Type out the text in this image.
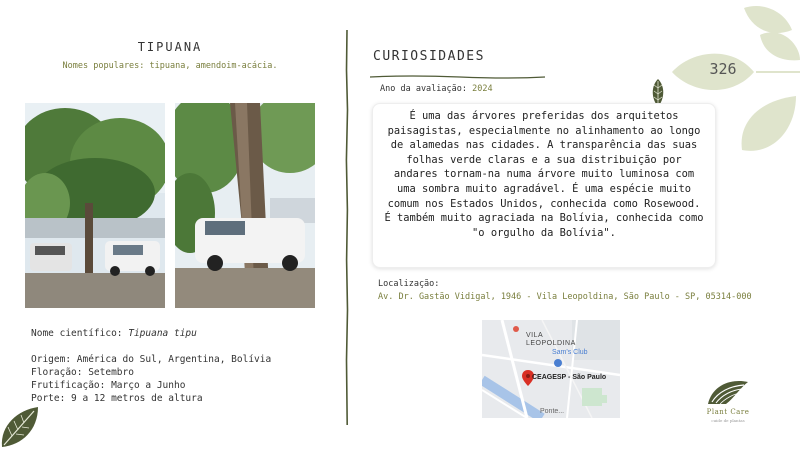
TIPUANA
Nomes populares: tipuana, amendoim-acácia.
Nome científico: Tipuana tipu
Origem: América do Sul, Argentina, Bolívia
Floração: Setembro
Frutificação: Março a Junho
Porte: 9 a 12 metros de altura
CURIOSIDADES
Ano da avaliação: 2024

É uma das árvores preferidas dos arquitetos paisagistas, especialmente no alinhamento ao longo de alamedas nas cidades. A transparência das suas folhas verde claras e a sua distribuição por andares tornam-na numa árvore muito luminosa com uma sombra muito agradável. É uma espécie muito comum nos Estados Unidos, conhecida como Rosewood. É também muito agraciada na Bolívia, conhecida como "o orgulho da Bolívia".

Localização:
Av. Dr. Gastão Vidigal, 1946 - Vila Leopoldina, São Paulo - SP, 05314-000
VILA
LEOPOLDINA
Sam's Club
CEAGESP - São Paulo
Ponte...
326
Plant Care
cuide de plantas
